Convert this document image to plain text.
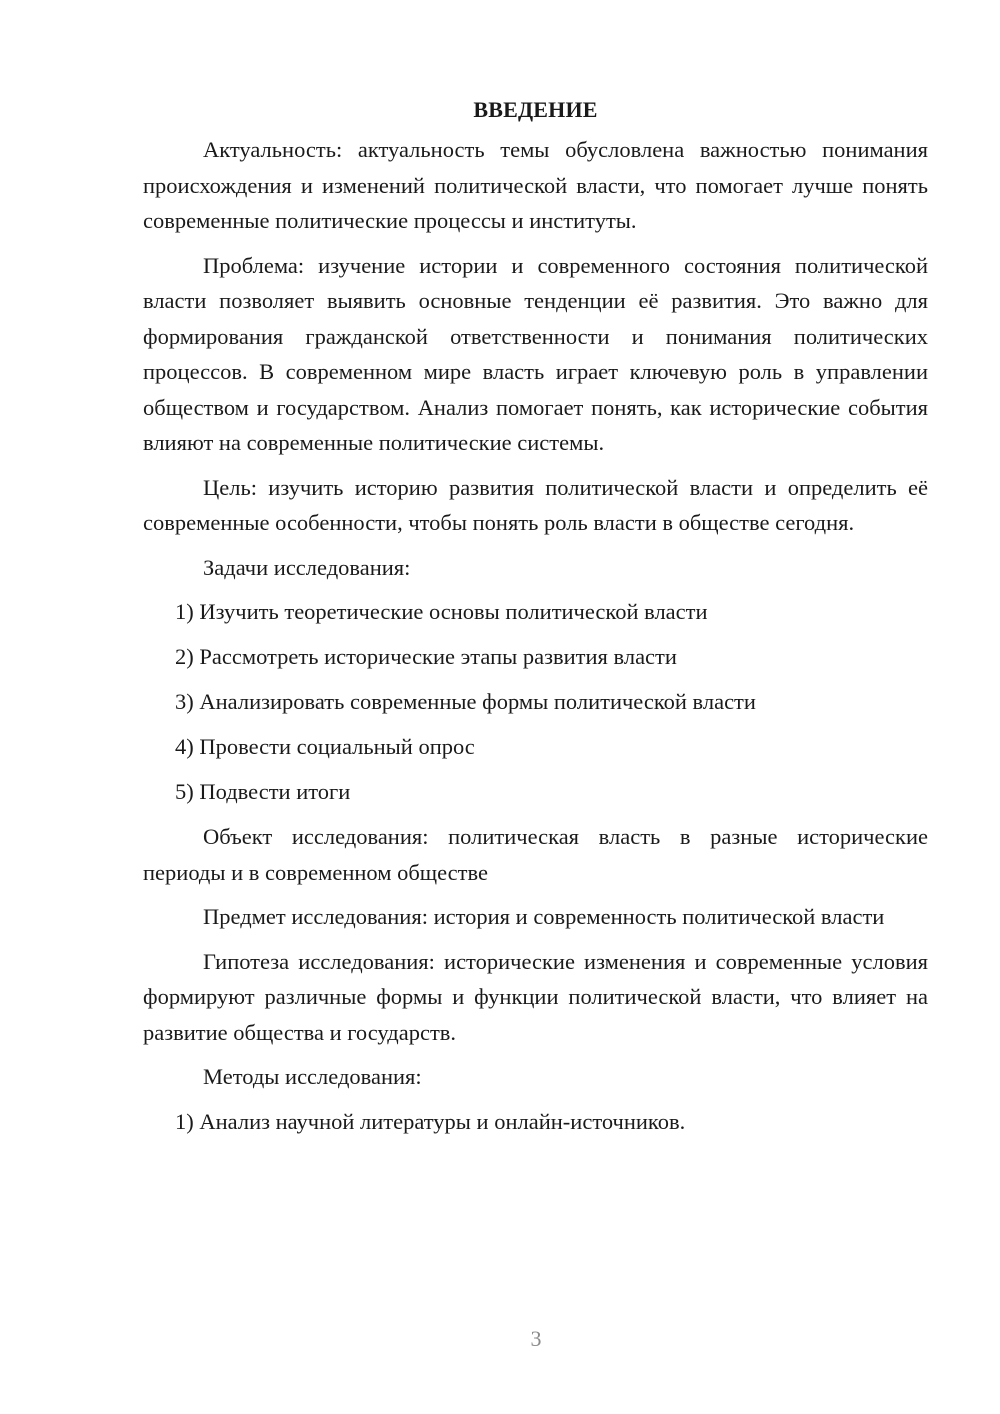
ВВЕДЕНИЕ

Актуальность: актуальность темы обусловлена важностью понимания происхождения и изменений политической власти, что помогает лучше понять современные политические процессы и институты.

Проблема: изучение истории и современного состояния политической власти позволяет выявить основные тенденции её развития. Это важно для формирования гражданской ответственности и понимания политических процессов. В современном мире власть играет ключевую роль в управлении обществом и государством. Анализ помогает понять, как исторические события влияют на современные политические системы.

Цель: изучить историю развития политической власти и определить её современные особенности, чтобы понять роль власти в обществе сегодня.

Задачи исследования:

1) Изучить теоретические основы политической власти
2) Рассмотреть исторические этапы развития власти
3) Анализировать современные формы политической власти
4) Провести социальный опрос
5) Подвести итоги

Объект исследования: политическая власть в разные исторические периоды и в современном обществе

Предмет исследования: история и современность политической власти

Гипотеза исследования: исторические изменения и современные условия формируют различные формы и функции политической власти, что влияет на развитие общества и государств.

Методы исследования:

1) Анализ научной литературы и онлайн-источников.
3
